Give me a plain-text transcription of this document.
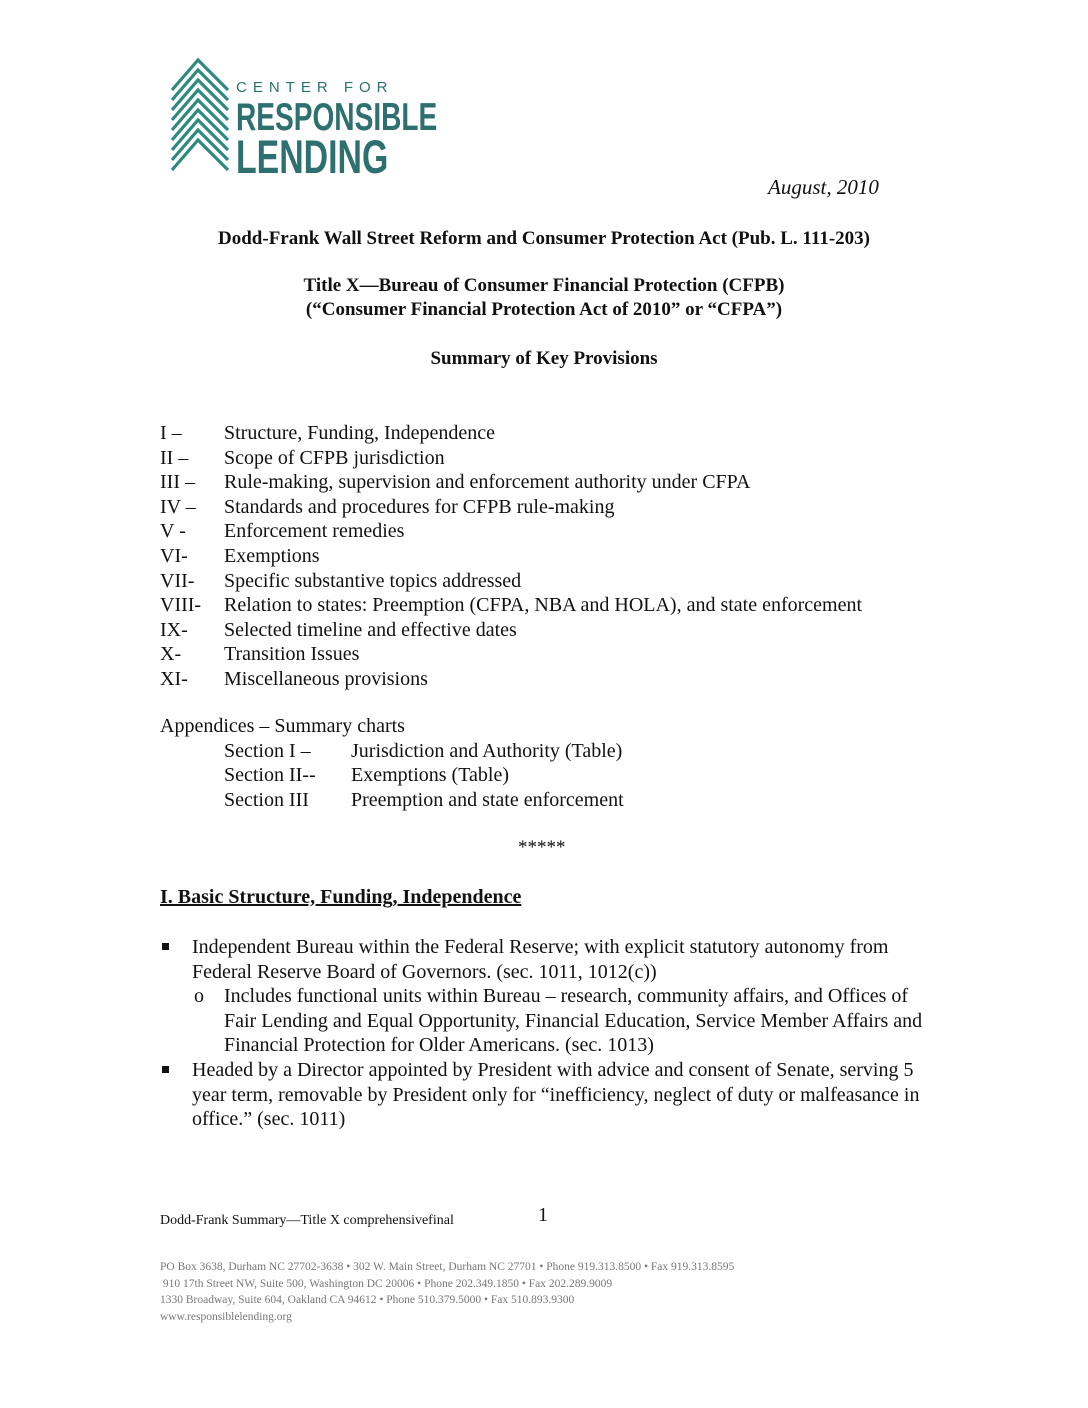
CENTER FOR
RESPONSIBLE
LENDING
August, 2010
Dodd-Frank Wall Street Reform and Consumer Protection Act (Pub. L. 111-203)
Title X—Bureau of Consumer Financial Protection (CFPB)
(“Consumer Financial Protection Act of 2010” or “CFPA”)
Summary of Key Provisions
I –	Structure, Funding, Independence
II –	Scope of CFPB jurisdiction
III –	Rule-making, supervision and enforcement authority under CFPA
IV –	Standards and procedures for CFPB rule-making
V -	Enforcement remedies
VI-	Exemptions
VII-	Specific substantive topics addressed
VIII-	Relation to states: Preemption (CFPA, NBA and HOLA), and state enforcement
IX-	Selected timeline and effective dates
X-	Transition Issues
XI-	Miscellaneous provisions
Appendices – Summary charts
Section I –	Jurisdiction and Authority (Table)
Section II--	Exemptions (Table)
Section III	Preemption and state enforcement
*****
I. Basic Structure, Funding, Independence
Independent Bureau within the Federal Reserve; with explicit statutory autonomy from Federal Reserve Board of Governors. (sec. 1011, 1012(c))
o Includes functional units within Bureau – research, community affairs, and Offices of Fair Lending and Equal Opportunity, Financial Education, Service Member Affairs and Financial Protection for Older Americans. (sec. 1013)
Headed by a Director appointed by President with advice and consent of Senate, serving 5 year term, removable by President only for “inefficiency, neglect of duty or malfeasance in office.” (sec. 1011)
1
Dodd-Frank Summary—Title X comprehensivefinal
PO Box 3638, Durham NC 27702-3638 • 302 W. Main Street, Durham NC 27701 • Phone 919.313.8500 • Fax 919.313.8595
910 17th Street NW, Suite 500, Washington DC 20006 • Phone 202.349.1850 • Fax 202.289.9009
1330 Broadway, Suite 604, Oakland CA 94612 • Phone 510.379.5000 • Fax 510.893.9300
www.responsiblelending.org
